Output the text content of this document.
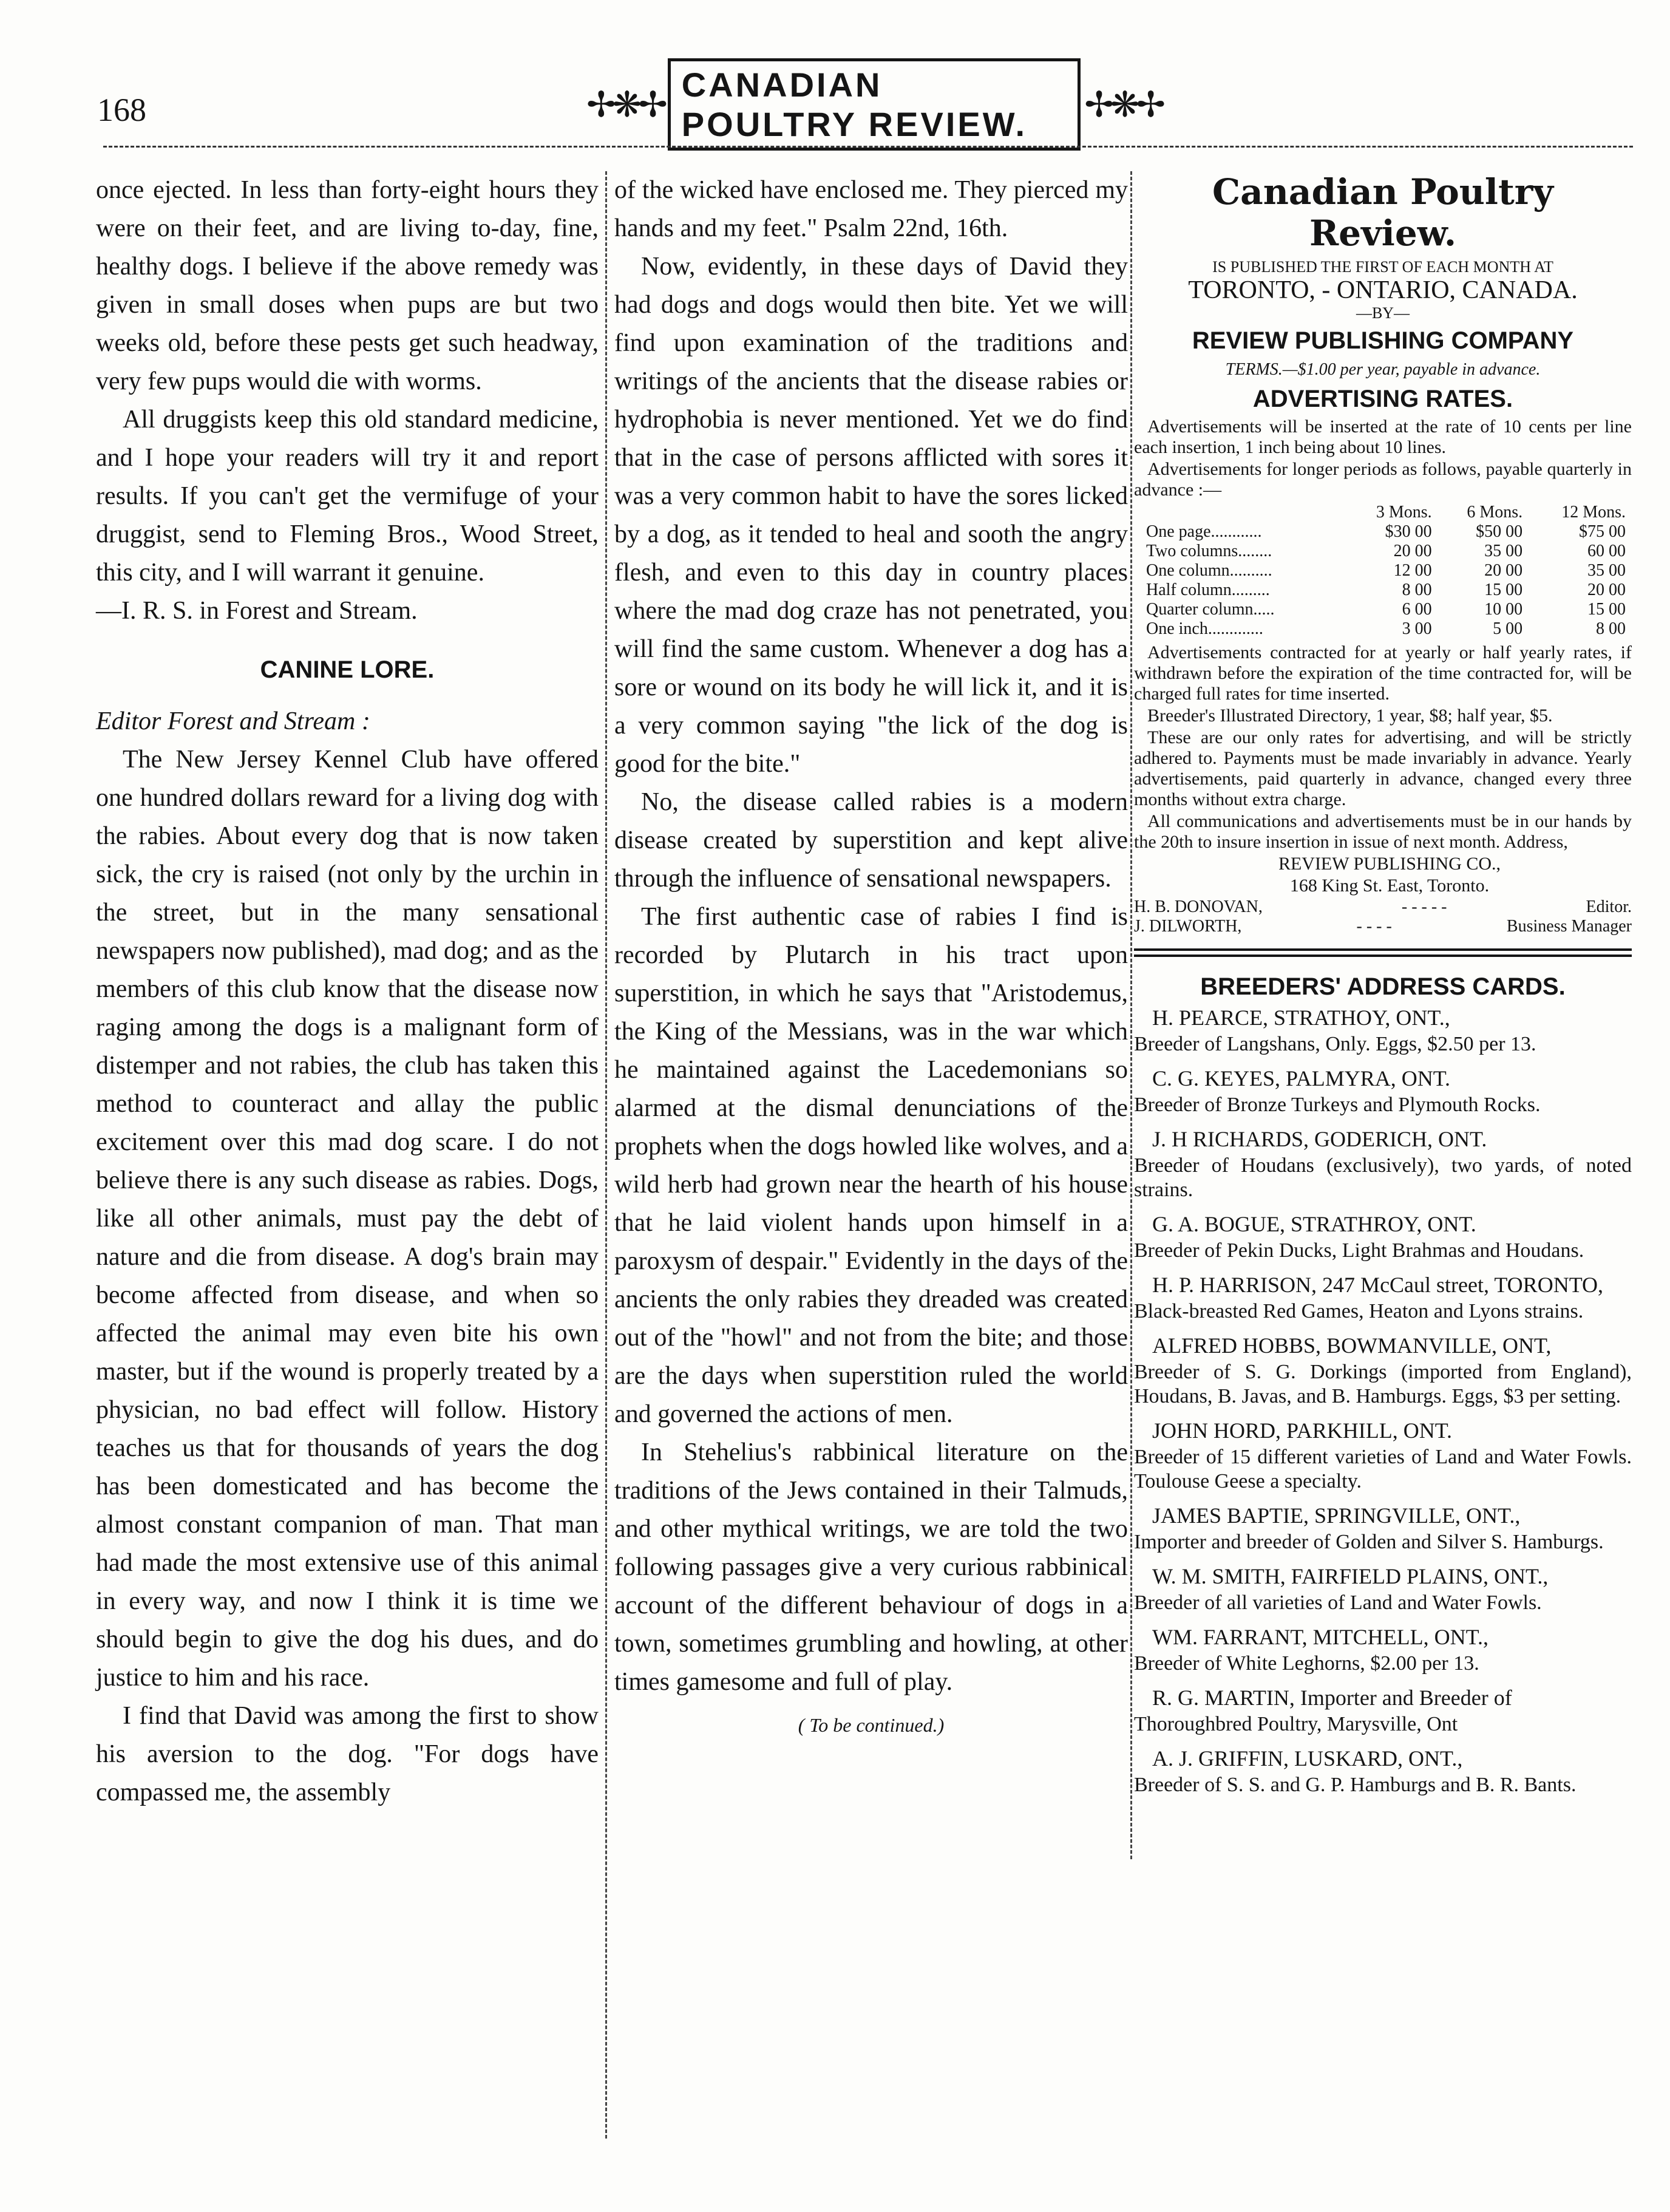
168	✢❋✢
CANADIAN POULTRY REVIEW.	✢❋✢

once ejected. In less than forty-eight hours they were on their feet, and are living to-day, fine, healthy dogs. I believe if the above remedy was given in small doses when pups are but two weeks old, before these pests get such headway, very few pups would die with worms.

All druggists keep this old standard medicine, and I hope your readers will try it and report results. If you can't get the vermifuge of your druggist, send to Fleming Bros., Wood Street, this city, and I will warrant it genuine.

—I. R. S. in Forest and Stream.

CANINE LORE.

Editor Forest and Stream :

The New Jersey Kennel Club have offered one hundred dollars reward for a living dog with the rabies. About every dog that is now taken sick, the cry is raised (not only by the urchin in the street, but in the many sensational newspapers now published), mad dog; and as the members of this club know that the disease now raging among the dogs is a malignant form of distemper and not rabies, the club has taken this method to counteract and allay the public excitement over this mad dog scare. I do not believe there is any such disease as rabies. Dogs, like all other animals, must pay the debt of nature and die from disease. A dog's brain may become affected from disease, and when so affected the animal may even bite his own master, but if the wound is properly treated by a physician, no bad effect will follow. History teaches us that for thousands of years the dog has been domesticated and has become the almost constant companion of man. That man had made the most extensive use of this animal in every way, and now I think it is time we should begin to give the dog his dues, and do justice to him and his race.

I find that David was among the first to show his aversion to the dog. "For dogs have compassed me, the assembly

of the wicked have enclosed me. They pierced my hands and my feet." Psalm 22nd, 16th.

Now, evidently, in these days of David they had dogs and dogs would then bite. Yet we will find upon examination of the traditions and writings of the ancients that the disease rabies or hydrophobia is never mentioned. Yet we do find that in the case of persons afflicted with sores it was a very common habit to have the sores licked by a dog, as it tended to heal and sooth the angry flesh, and even to this day in country places where the mad dog craze has not penetrated, you will find the same custom. Whenever a dog has a sore or wound on its body he will lick it, and it is a very common saying "the lick of the dog is good for the bite."

No, the disease called rabies is a modern disease created by superstition and kept alive through the influence of sensational newspapers.

The first authentic case of rabies I find is recorded by Plutarch in his tract upon superstition, in which he says that "Aristodemus, the King of the Messians, was in the war which he maintained against the Lacedemonians so alarmed at the dismal denunciations of the prophets when the dogs howled like wolves, and a wild herb had grown near the hearth of his house that he laid violent hands upon himself in a paroxysm of despair." Evidently in the days of the ancients the only rabies they dreaded was created out of the "howl" and not from the bite; and those are the days when superstition ruled the world and governed the actions of men.

In Stehelius's rabbinical literature on the traditions of the Jews contained in their Talmuds, and other mythical writings, we are told the two following passages give a very curious rabbinical account of the different behaviour of dogs in a town, sometimes grumbling and howling, at other times gamesome and full of play.

( To be continued.)

Canadian Poultry Review.
IS PUBLISHED THE FIRST OF EACH MONTH AT
TORONTO, - ONTARIO, CANADA.
—BY—
REVIEW PUBLISHING COMPANY
TERMS.—$1.00 per year, payable in advance.
ADVERTISING RATES.

Advertisements will be inserted at the rate of 10 cents per line each insertion, 1 inch being about 10 lines.

Advertisements for longer periods as follows, payable quarterly in advance :—

	3 Mons.	6 Mons.	12 Mons.
One page............	$30 00	$50 00	$75 00
Two columns........	20 00	35 00	60 00
One column..........	12 00	20 00	35 00
Half column.........	8 00	15 00	20 00
Quarter column.....	6 00	10 00	15 00
One inch.............	3 00	5 00	8 00

Advertisements contracted for at yearly or half yearly rates, if withdrawn before the expiration of the time contracted for, will be charged full rates for time inserted.

Breeder's Illustrated Directory, 1 year, $8; half year, $5.

These are our only rates for advertising, and will be strictly adhered to. Payments must be made invariably in advance. Yearly advertisements, paid quarterly in advance, changed every three months without extra charge.

All communications and advertisements must be in our hands by the 20th to insure insertion in issue of next month. Address,

REVIEW PUBLISHING CO.,

168 King St. East, Toronto.

H. B. DONOVAN,	- - - - -	Editor.
J. DILWORTH,	- - - -	Business Manager
BREEDERS' ADDRESS CARDS.

H. PEARCE, STRATHOY, ONT.,

Breeder of Langshans, Only. Eggs, $2.50 per 13.

C. G. KEYES, PALMYRA, ONT.

Breeder of Bronze Turkeys and Plymouth Rocks.

J. H RICHARDS, GODERICH, ONT.

Breeder of Houdans (exclusively), two yards, of noted strains.

G. A. BOGUE, STRATHROY, ONT.

Breeder of Pekin Ducks, Light Brahmas and Houdans.

H. P. HARRISON, 247 McCaul street, TORONTO,

Black-breasted Red Games, Heaton and Lyons strains.

ALFRED HOBBS, BOWMANVILLE, ONT,

Breeder of S. G. Dorkings (imported from England), Houdans, B. Javas, and B. Hamburgs. Eggs, $3 per setting.

JOHN HORD, PARKHILL, ONT.

Breeder of 15 different varieties of Land and Water Fowls. Toulouse Geese a specialty.

JAMES BAPTIE, SPRINGVILLE, ONT.,

Importer and breeder of Golden and Silver S. Hamburgs.

W. M. SMITH, FAIRFIELD PLAINS, ONT.,

Breeder of all varieties of Land and Water Fowls.

WM. FARRANT, MITCHELL, ONT.,

Breeder of White Leghorns, $2.00 per 13.

R. G. MARTIN, Importer and Breeder of

Thoroughbred Poultry, Marysville, Ont

A. J. GRIFFIN, LUSKARD, ONT.,

Breeder of S. S. and G. P. Hamburgs and B. R. Bants.
